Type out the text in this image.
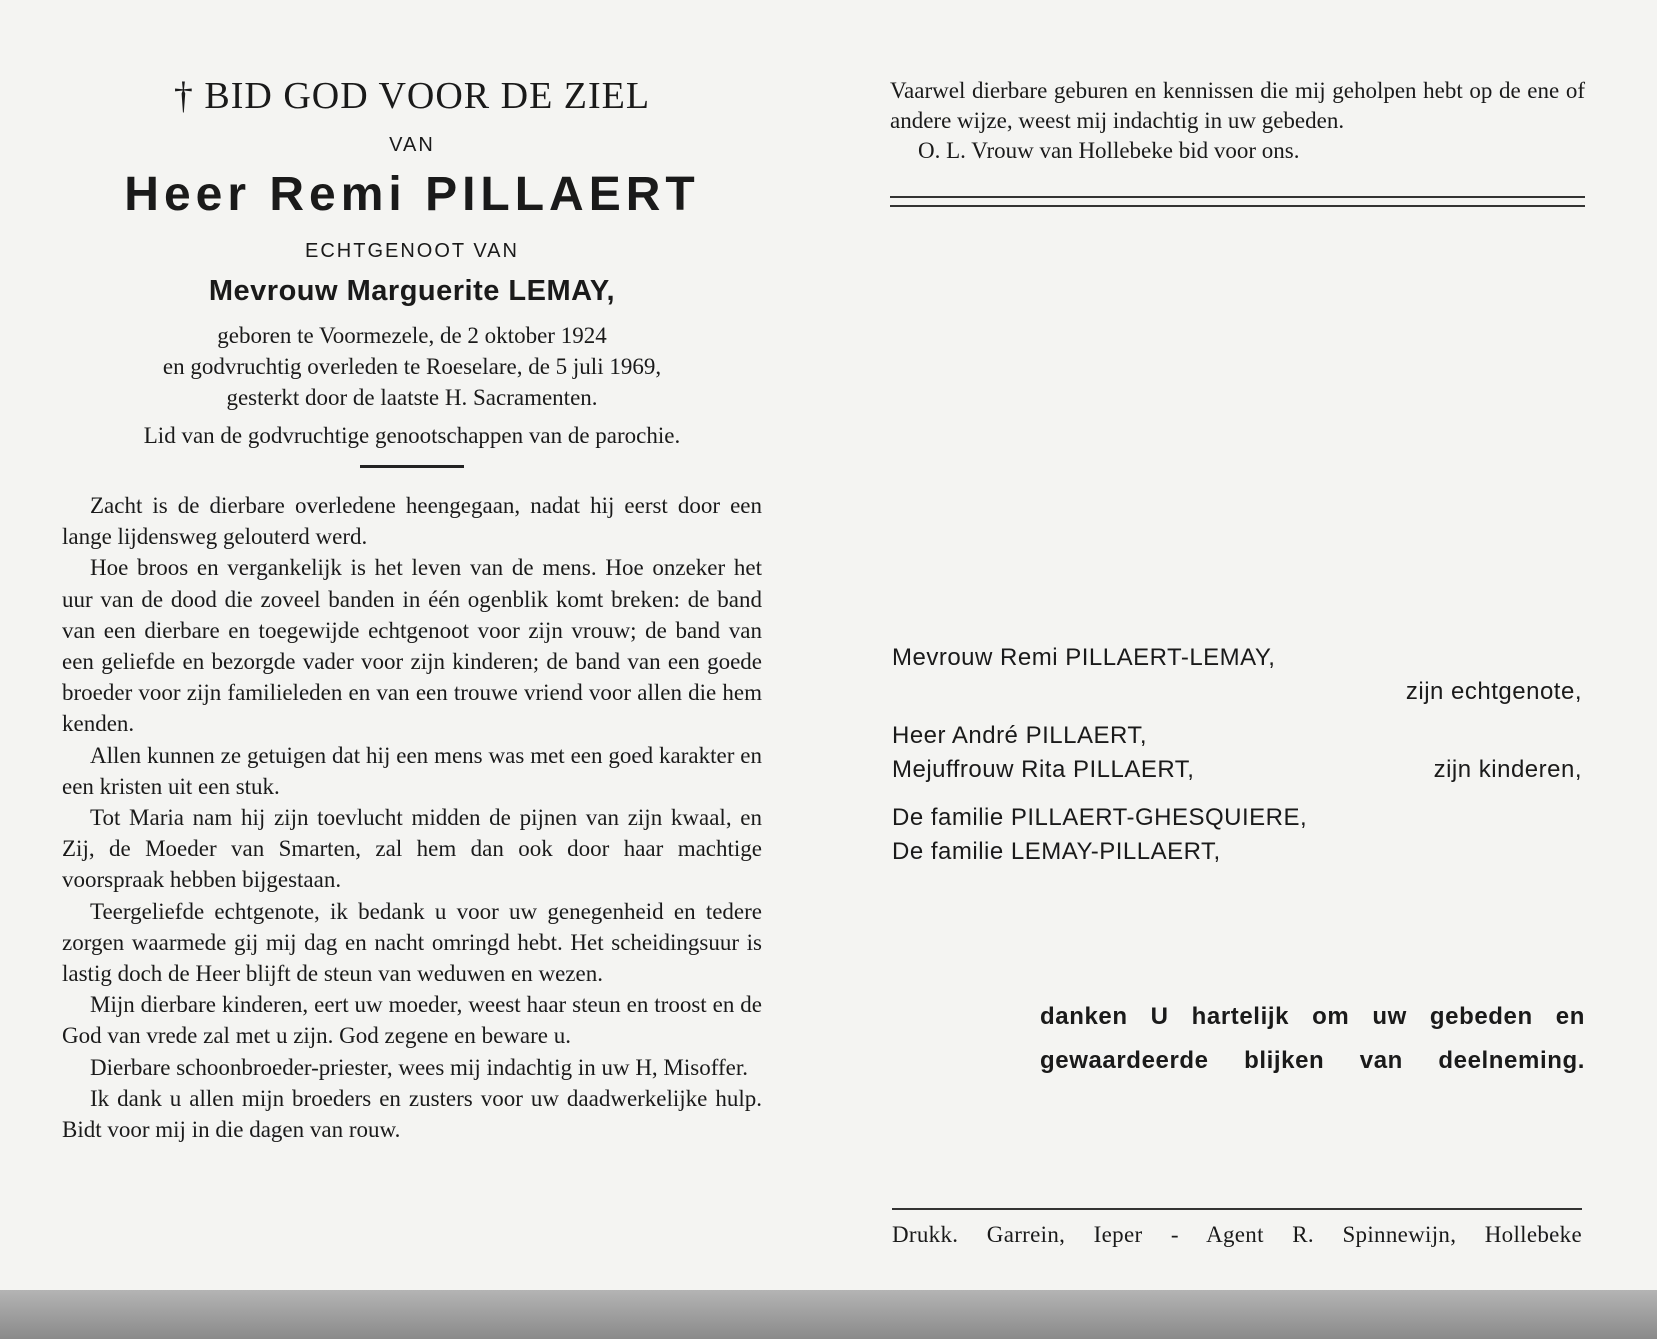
† BID GOD VOOR DE ZIEL
VAN
Heer Remi PILLAERT
ECHTGENOOT VAN
Mevrouw Marguerite LEMAY,
geboren te Voormezele, de 2 oktober 1924
en godvruchtig overleden te Roeselare, de 5 juli 1969,
gesterkt door de laatste H. Sacramenten.
Lid van de godvruchtige genootschappen van de parochie.

Zacht is de dierbare overledene heengegaan, nadat hij eerst door een lange lijdensweg gelouterd werd.

Hoe broos en vergankelijk is het leven van de mens. Hoe onzeker het uur van de dood die zoveel banden in één ogenblik komt breken: de band van een dierbare en toegewijde echtgenoot voor zijn vrouw; de band van een geliefde en bezorgde vader voor zijn kinderen; de band van een goede broeder voor zijn familieleden en van een trouwe vriend voor allen die hem kenden.

Allen kunnen ze getuigen dat hij een mens was met een goed karakter en een kristen uit een stuk.

Tot Maria nam hij zijn toevlucht midden de pijnen van zijn kwaal, en Zij, de Moeder van Smarten, zal hem dan ook door haar machtige voorspraak hebben bijgestaan.

Teergeliefde echtgenote, ik bedank u voor uw genegenheid en tedere zorgen waarmede gij mij dag en nacht omringd hebt. Het scheidingsuur is lastig doch de Heer blijft de steun van weduwen en wezen.

Mijn dierbare kinderen, eert uw moeder, weest haar steun en troost en de God van vrede zal met u zijn. God zegene en beware u.

Dierbare schoonbroeder-priester, wees mij indachtig in uw H, Misoffer.

Ik dank u allen mijn broeders en zusters voor uw daadwerkelijke hulp. Bidt voor mij in die dagen van rouw.

Vaarwel dierbare geburen en kennissen die mij geholpen hebt op de ene of andere wijze, weest mij indachtig in uw gebeden.

O. L. Vrouw van Hollebeke bid voor ons.

Mevrouw Remi PILLAERT-LEMAY,
zijn echtgenote,
Heer André PILLAERT,
Mejuffrouw Rita PILLAERT,	zijn kinderen,
De familie PILLAERT-GHESQUIERE,
De familie LEMAY-PILLAERT,
danken U hartelijk om uw gebeden en
gewaardeerde blijken van deelneming.
Drukk. Garrein, Ieper - Agent R. Spinnewijn, Hollebeke
